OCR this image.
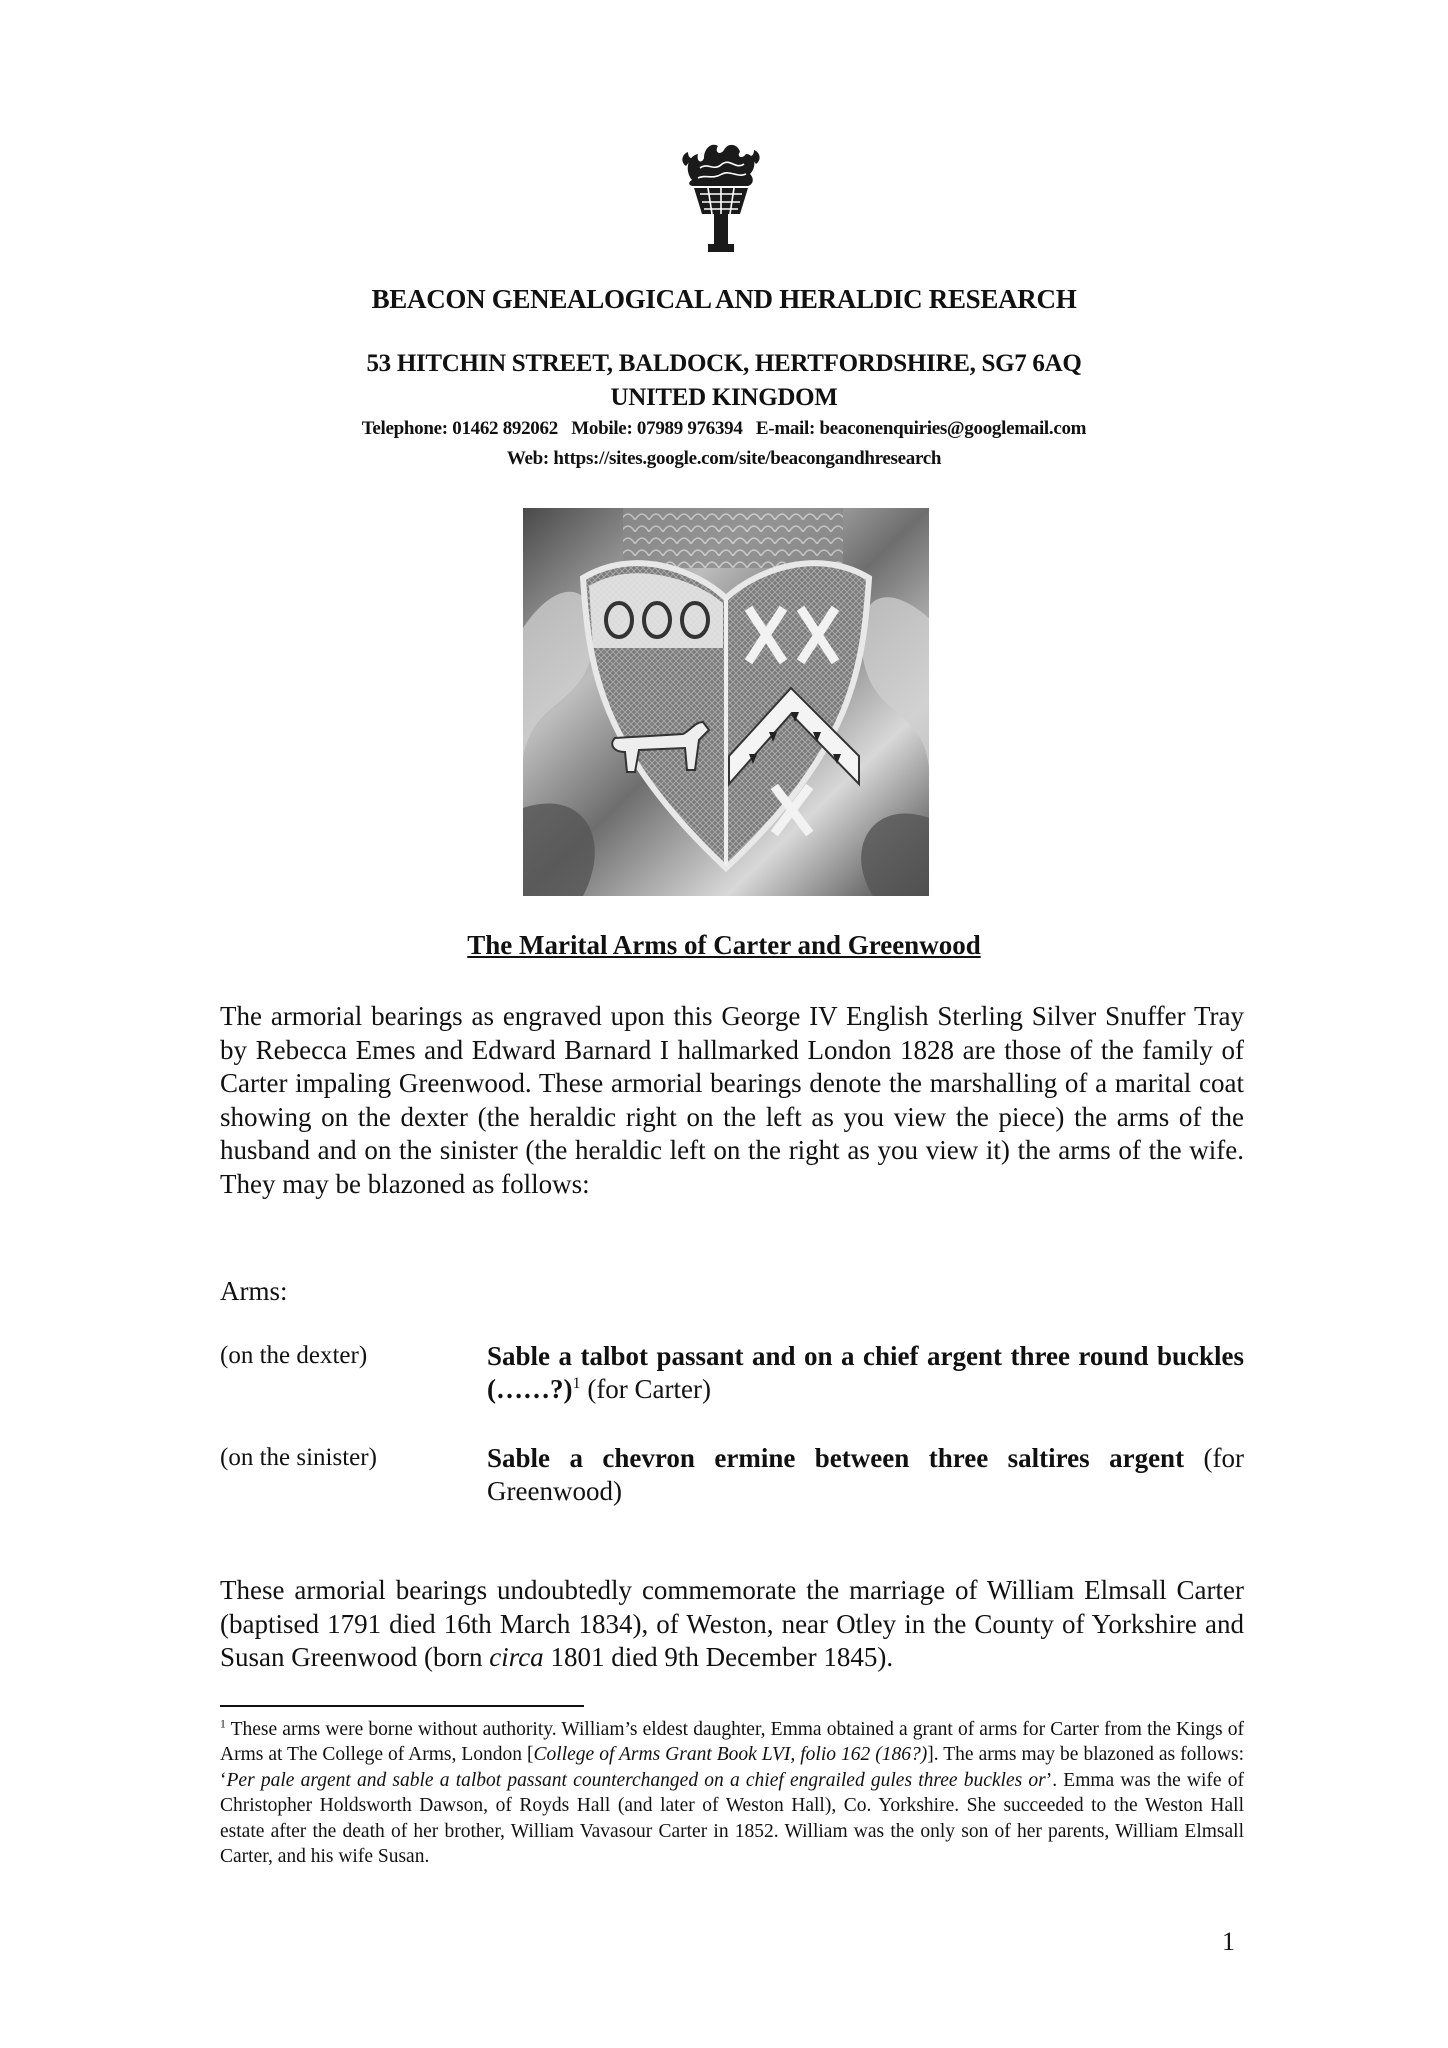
BEACON GENEALOGICAL AND HERALDIC RESEARCH
53 HITCHIN STREET, BALDOCK, HERTFORDSHIRE, SG7 6AQ
UNITED KINGDOM
Telephone: 01462 892062   Mobile: 07989 976394   E-mail: beaconenquiries@googlemail.com
Web: https://sites.google.com/site/beacongandhresearch
The Marital Arms of Carter and Greenwood
The armorial bearings as engraved upon this George IV English Sterling Silver Snuffer Tray by Rebecca Emes and Edward Barnard I hallmarked London 1828 are those of the family of Carter impaling Greenwood. These armorial bearings denote the marshalling of a marital coat showing on the dexter (the heraldic right on the left as you view the piece) the arms of the husband and on the sinister (the heraldic left on the right as you view it) the arms of the wife. They may be blazoned as follows:
Arms:
(on the dexter)	Sable a talbot passant and on a chief argent three round buckles (……?)$^1$ (for Carter)
(on the sinister)	Sable a chevron ermine between three saltires argent (for Greenwood)
These armorial bearings undoubtedly commemorate the marriage of William Elmsall Carter (baptised 1791 died 16th March 1834), of Weston, near Otley in the County of Yorkshire and Susan Greenwood (born circa 1801 died 9th December 1845).
$^1$ These arms were borne without authority. William’s eldest daughter, Emma obtained a grant of arms for Carter from the Kings of Arms at The College of Arms, London [College of Arms Grant Book LVI, folio 162 (186?)]. The arms may be blazoned as follows: ‘Per pale argent and sable a talbot passant counterchanged on a chief engrailed gules three buckles or’. Emma was the wife of Christopher Holdsworth Dawson, of Royds Hall (and later of Weston Hall), Co. Yorkshire. She succeeded to the Weston Hall estate after the death of her brother, William Vavasour Carter in 1852. William was the only son of her parents, William Elmsall Carter, and his wife Susan.
1
